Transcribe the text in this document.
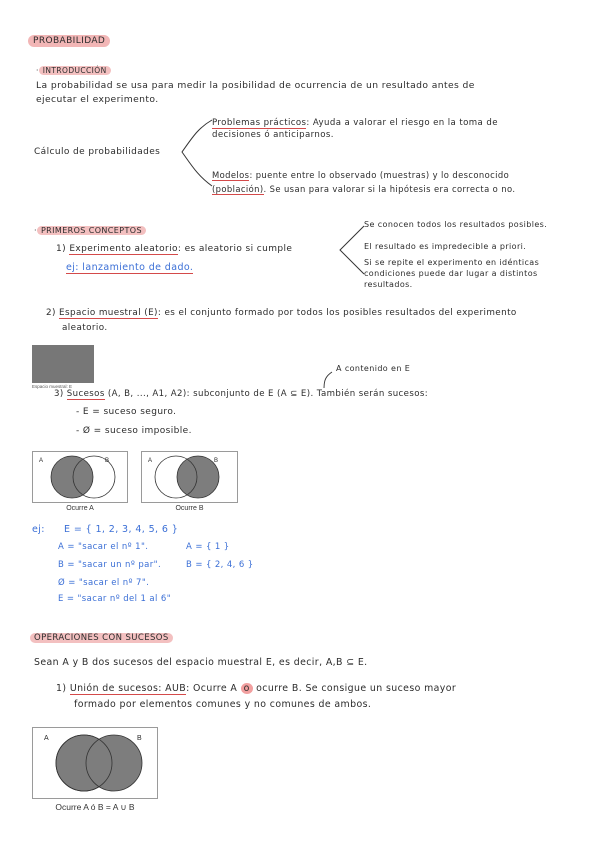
PROBABILIDAD
· INTRODUCCIÓN
La probabilidad se usa para medir la posibilidad de ocurrencia de un resultado antes de
ejecutar el experimento.
Cálculo de probabilidades
Problemas prácticos: Ayuda a valorar el riesgo en la toma de
decisiones ó anticiparnos.
Modelos: puente entre lo observado (muestras) y lo desconocido
(población). Se usan para valorar si la hipótesis era correcta o no.
· PRIMEROS CONCEPTOS
1) Experimento aleatorio: es aleatorio si cumple
ej: lanzamiento de dado.
Se conocen todos los resultados posibles.
El resultado es impredecible a priori.
Si se repite el experimento en idénticas
condiciones puede dar lugar a distintos
resultados.
2) Espacio muestral (E): es el conjunto formado por todos los posibles resultados del experimento
aleatorio.
Espacio muestral: E
A contenido en E
3) Sucesos (A, B, ..., A1, A2): subconjunto de E (A ⊆ E). También serán sucesos:
- E = suceso seguro.
- Ø = suceso imposible.
A	B
Ocurre A
A	B
Ocurre B
ej: E = { 1, 2, 3, 4, 5, 6 }
A = "sacar el nº 1".	A = { 1 }
B = "sacar un nº par".	B = { 2, 4, 6 }
Ø = "sacar el nº 7".
E = "sacar nº del 1 al 6"
OPERACIONES CON SUCESOS
Sean A y B dos sucesos del espacio muestral E, es decir, A,B ⊆ E.
1) Unión de sucesos: AUB: Ocurre A o ocurre B. Se consigue un suceso mayor
formado por elementos comunes y no comunes de ambos.
A	B
Ocurre A ó B = A ∪ B
